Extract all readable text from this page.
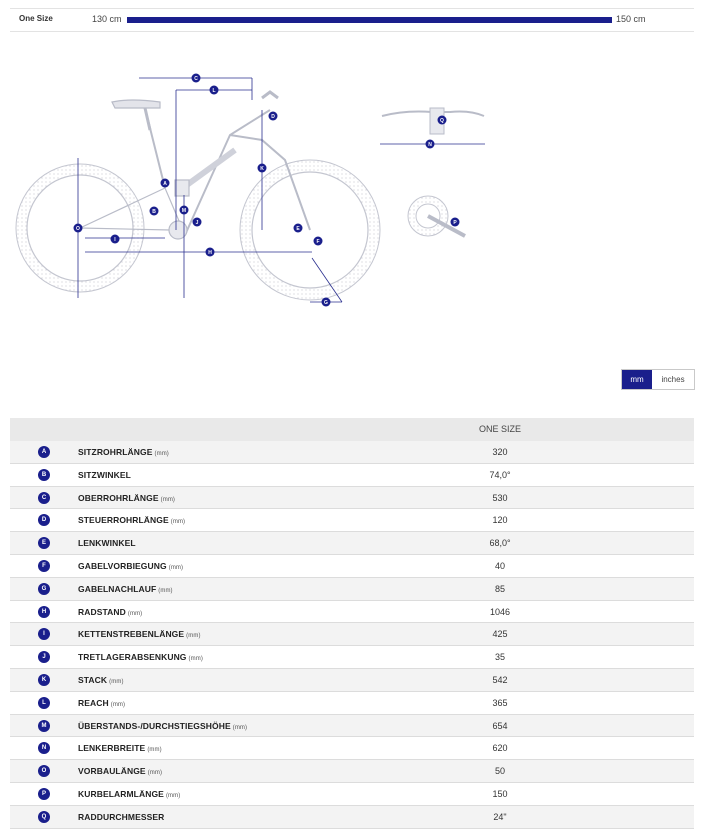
One Size	130 cm	150 cm
A
B
C
D
E
F
G
H
I
J
K
L
M
N
O
P
Q
mm	inches
ONE SIZE
A	SITZROHRLÄNGE (mm)	320
B	SITZWINKEL	74,0°
C	OBERROHRLÄNGE (mm)	530
D	STEUERROHRLÄNGE (mm)	120
E	LENKWINKEL	68,0°
F	GABELVORBIEGUNG (mm)	40
G	GABELNACHLAUF (mm)	85
H	RADSTAND (mm)	1046
I	KETTENSTREBENLÄNGE (mm)	425
J	TRETLAGERABSENKUNG (mm)	35
K	STACK (mm)	542
L	REACH (mm)	365
M	ÜBERSTANDS-/DURCHSTIEGSHÖHE (mm)	654
N	LENKERBREITE (mm)	620
O	VORBAULÄNGE (mm)	50
P	KURBELARMLÄNGE (mm)	150
Q	RADDURCHMESSER	24"
